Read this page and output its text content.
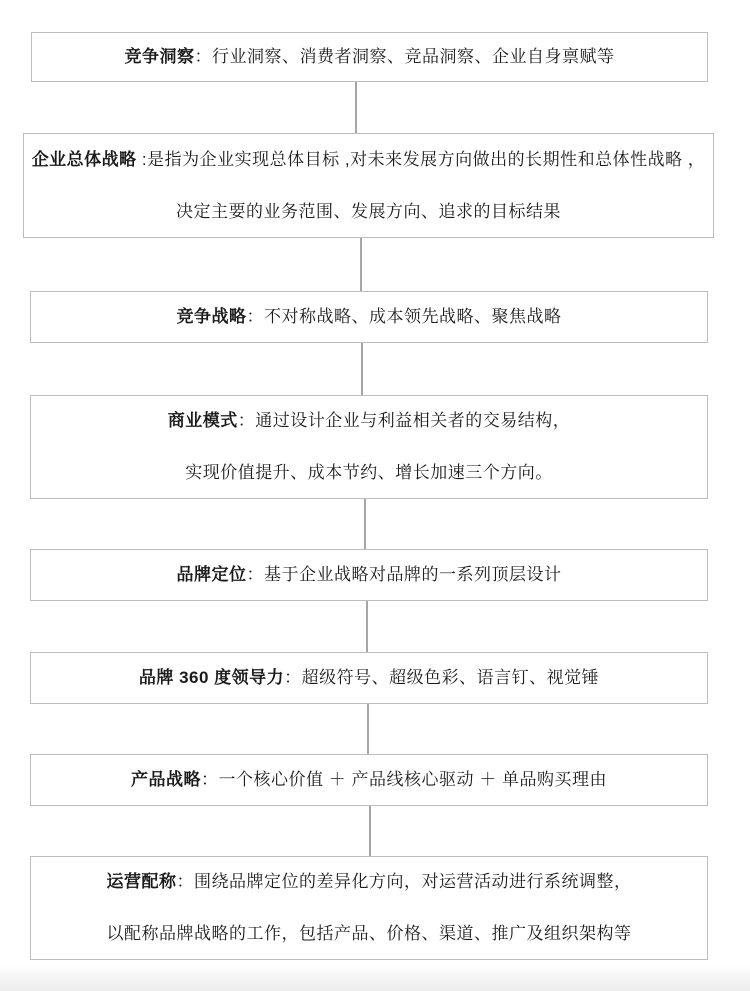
竞争洞察：行业洞察、消费者洞察、竞品洞察、企业自身禀赋等
企业总体战略 :是指为企业实现总体目标 ,对未来发展方向做出的长期性和总体性战略 ，
决定主要的业务范围、发展方向、追求的目标结果
竞争战略：不对称战略、成本领先战略、聚焦战略
商业模式：通过设计企业与利益相关者的交易结构，
实现价值提升、成本节约、增长加速三个方向。
品牌定位：基于企业战略对品牌的一系列顶层设计
品牌 360 度领导力：超级符号、超级色彩、语言钉、视觉锤
产品战略：一个核心价值 ＋ 产品线核心驱动 ＋ 单品购买理由
运营配称：围绕品牌定位的差异化方向，对运营活动进行系统调整，
以配称品牌战略的工作，包括产品、价格、渠道、推广及组织架构等
